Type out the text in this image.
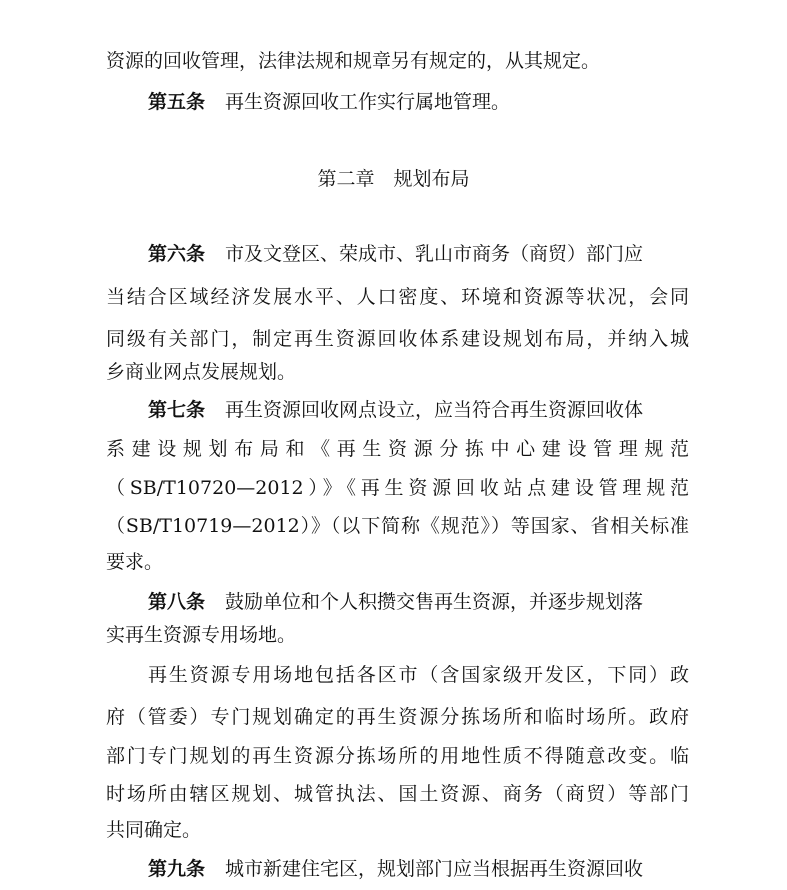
资源的回收管理，法律法规和规章另有规定的，从其规定。
第五条 再生资源回收工作实行属地管理。
第二章　规划布局
第六条 市及文登区、荣成市、乳山市商务（商贸）部门应
当结合区域经济发展水平、人口密度、环境和资源等状况，会同
同级有关部门，制定再生资源回收体系建设规划布局，并纳入城
乡商业网点发展规划。
第七条 再生资源回收网点设立，应当符合再生资源回收体
系建设规划布局和《再生资源分拣中心建设管理规范
（SB/T10720—2012）》《再生资源回收站点建设管理规范
（SB/T10719—2012）》（以下简称《规范》）等国家、省相关标准
要求。
第八条 鼓励单位和个人积攒交售再生资源，并逐步规划落
实再生资源专用场地。
再生资源专用场地包括各区市（含国家级开发区，下同）政
府（管委）专门规划确定的再生资源分拣场所和临时场所。政府
部门专门规划的再生资源分拣场所的用地性质不得随意改变。临
时场所由辖区规划、城管执法、国土资源、商务（商贸）等部门
共同确定。
第九条 城市新建住宅区，规划部门应当根据再生资源回收
